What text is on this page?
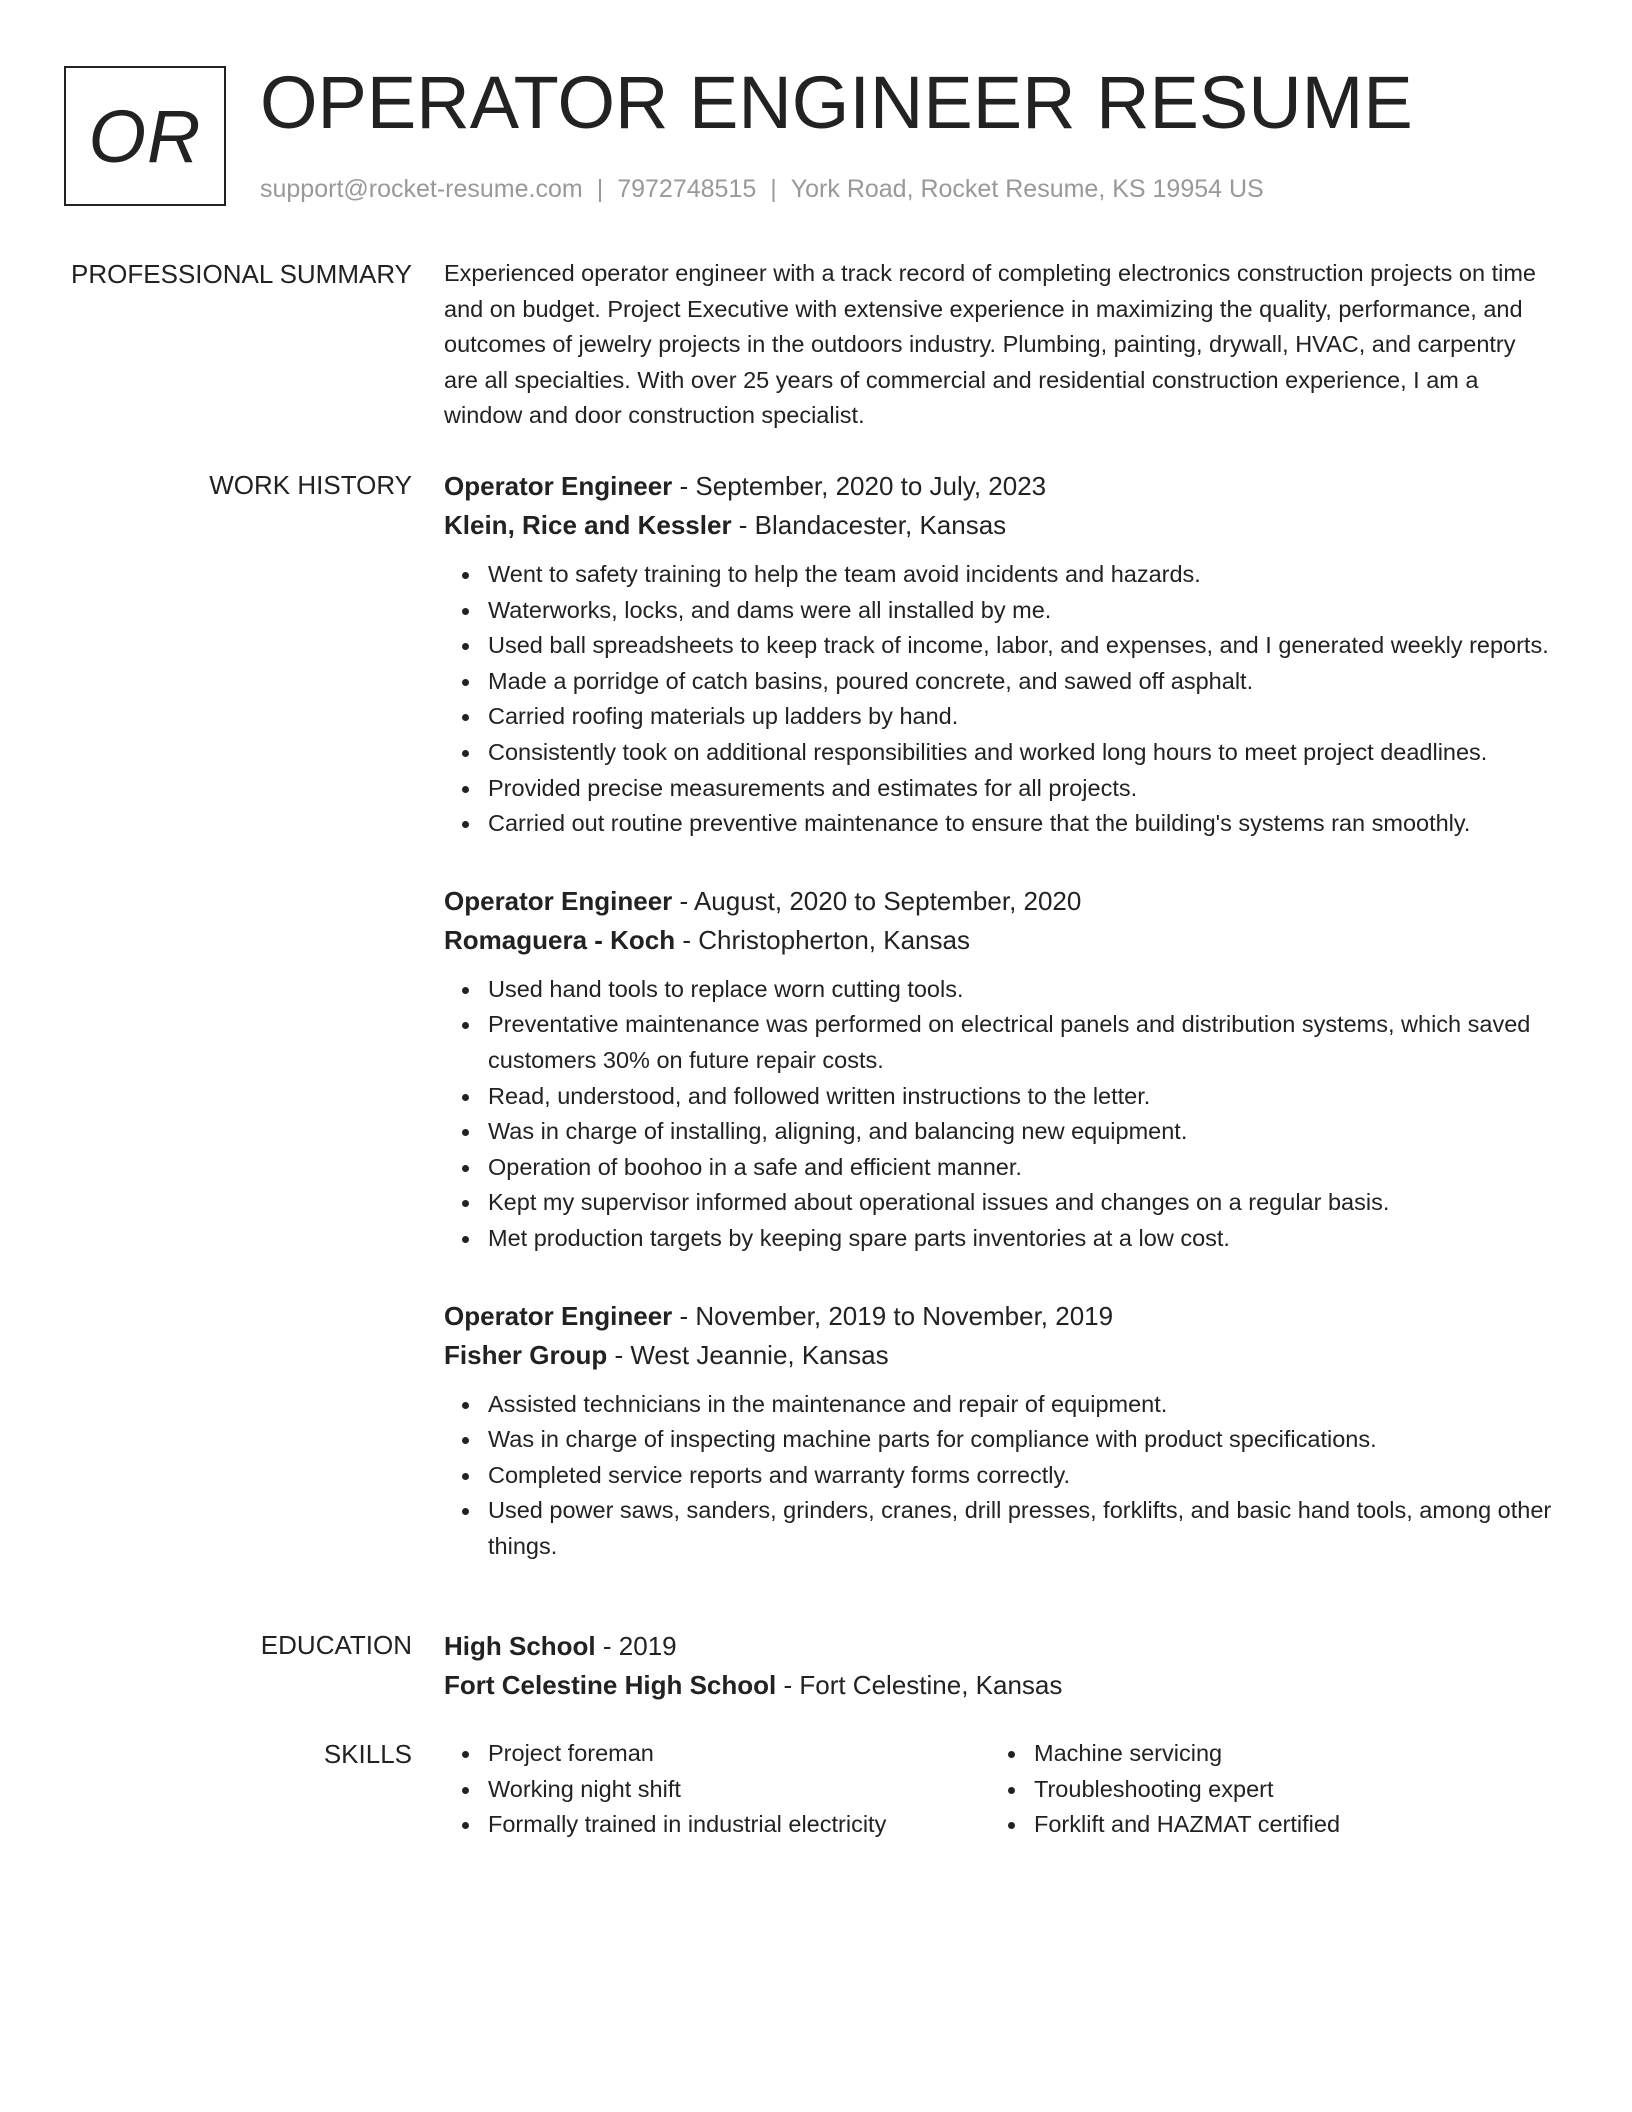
OR OPERATOR ENGINEER RESUME
support@rocket-resume.com | 7972748515 | York Road, Rocket Resume, KS 19954 US
PROFESSIONAL SUMMARY Experienced operator engineer with a track record of completing electronics construction projects on time and on budget. Project Executive with extensive experience in maximizing the quality, performance, and outcomes of jewelry projects in the outdoors industry. Plumbing, painting, drywall, HVAC, and carpentry are all specialties. With over 25 years of commercial and residential construction experience, I am a window and door construction specialist.

WORK HISTORY Operator Engineer - September, 2020 to July, 2023

Klein, Rice and Kessler - Blandacester, Kansas

Went to safety training to help the team avoid incidents and hazards.
Waterworks, locks, and dams were all installed by me.
Used ball spreadsheets to keep track of income, labor, and expenses, and I generated weekly reports.
Made a porridge of catch basins, poured concrete, and sawed off asphalt.
Carried roofing materials up ladders by hand.
Consistently took on additional responsibilities and worked long hours to meet project deadlines.
Provided precise measurements and estimates for all projects.
Carried out routine preventive maintenance to ensure that the building's systems ran smoothly.

Operator Engineer - August, 2020 to September, 2020

Romaguera - Koch - Christopherton, Kansas

Used hand tools to replace worn cutting tools.
Preventative maintenance was performed on electrical panels and distribution systems, which saved customers 30% on future repair costs.
Read, understood, and followed written instructions to the letter.
Was in charge of installing, aligning, and balancing new equipment.
Operation of boohoo in a safe and efficient manner.
Kept my supervisor informed about operational issues and changes on a regular basis.
Met production targets by keeping spare parts inventories at a low cost.

Operator Engineer - November, 2019 to November, 2019

Fisher Group - West Jeannie, Kansas

Assisted technicians in the maintenance and repair of equipment.
Was in charge of inspecting machine parts for compliance with product specifications.
Completed service reports and warranty forms correctly.
Used power saws, sanders, grinders, cranes, drill presses, forklifts, and basic hand tools, among other things.
EDUCATION High School - 2019

Fort Celestine High School - Fort Celestine, Kansas

SKILLS	Project foreman
Working night shift
Formally trained in industrial electricity
Machine servicing
Troubleshooting expert
Forklift and HAZMAT certified
